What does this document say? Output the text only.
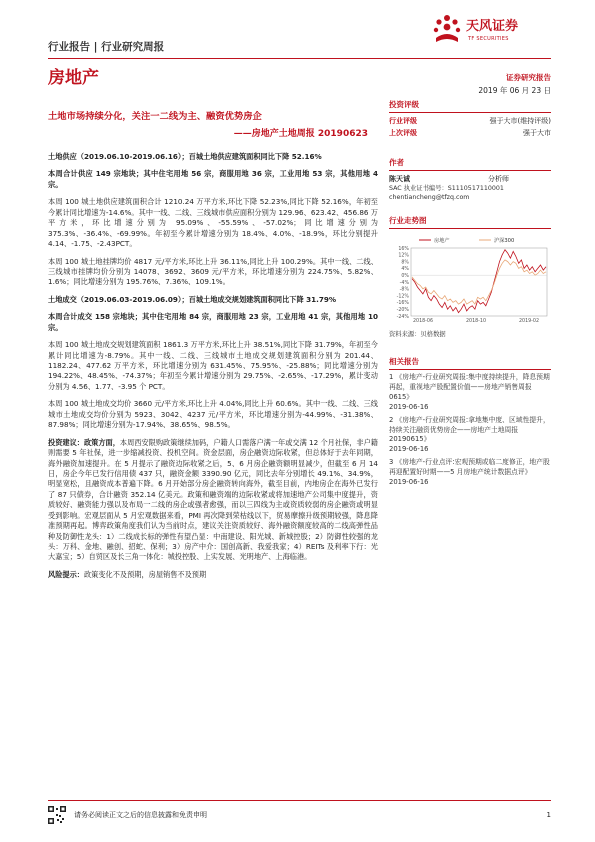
天风证券
TF SECURITIES
行业报告 | 行业研究周报
房地产	证券研究报告
2019 年 06 月 23 日
土地市场持续分化，关注一二线为主、融资优势房企
——房地产土地周报 20190623
土地供应（2019.06.10-2019.06.16）；百城土地供应建筑面积同比下降 52.16%
本周合计供应 149 宗地块；其中住宅用地 56 宗，商服用地 36 宗，工业用地 53 宗，其他用地 4 宗。
本周 100 城土地供应建筑面积合计 1210.24 万平方米,环比下降 52.23%,同比下降 52.16%，年初至今累计同比增速为-14.6%。其中一线、二线、三线城市供应面积分别为 129.96、623.42、456.86 万平方米，环比增速分别为 95.09%、-55.59%、-57.02%；同比增速分别为 375.3%、-36.4%、-69.99%。年初至今累计增速分别为 18.4%、4.0%、-18.9%，环比分别提升 4.14、-1.75、-2.43PCT。
本周 100 城土地挂牌均价 4817 元/平方米,环比上升 36.11%,同比上升 100.29%。其中一线、二线、三线城市挂牌均价分别为 14078、3692、3609 元/平方米，环比增速分别为 224.75%、5.82%、1.6%；同比增速分别为 195.76%、7.36%、109.1%。
土地成交（2019.06.03-2019.06.09）；百城土地成交规划建筑面积同比下降 31.79%
本周合计成交 158 宗地块；其中住宅用地 84 宗，商服用地 23 宗，工业用地 41 宗，其他用地 10 宗。
本周 100 城土地成交规划建筑面积 1861.3 万平方米,环比上升 38.51%,同比下降 31.79%，年初至今累计同比增速为-8.79%。其中一线、二线、三线城市土地成交规划建筑面积分别为 201.44、1182.24、477.62 万平方米，环比增速分别为 631.45%、75.95%、-25.88%；同比增速分别为 194.22%、48.45%、-74.37%；年初至今累计增速分别为 29.75%、-2.65%、-17.29%，累计变动分别为 4.56、1.77、-3.95 个 PCT。
本周 100 城土地成交均价 3660 元/平方米,环比上升 4.04%,同比上升 60.6%。其中一线、二线、三线城市土地成交均价分别为 5923、3042、4237 元/平方米，环比增速分别为-44.99%、-31.38%、87.98%；同比增速分别为-17.94%、38.65%、98.5%。
投资建议：政策方面，本周西安限购政策继续加码，户籍人口需落户满一年或交满 12 个月社保，非户籍则需要 5 年社保，进一步缩减投资、投机空间。资金层面，房企融资边际收紧，但总体好于去年同期，海外融资加速提升。在 5 月提示了融资边际收紧之后，5、6 月房企融资额明显减少，但截至 6 月 14 日，房企今年已发行信用债 437 只，融资金额 3390.90 亿元，同比去年分别增长 49.1%、34.9%，明显宽松，且融资成本普遍下降。6 月开始部分房企融资转向海外，截至目前，内地房企在海外已发行了 87 只债券，合计融资 352.14 亿美元。政策和融资端的边际收紧或将加速地产公司集中度提升，资质较好、融资能力强以及布局一二线的房企或强者愈强，而以三四线为主或资质较弱的房企融资或明显受到影响。宏观层面从 5 月宏观数据来看，PMI 再次降到荣枯线以下，贸易摩擦升级预期较强，降息降准预期再起。博弈政策角度我们认为当前时点，建议关注资质较好、海外融资额度较高的二线高弹性品种及防御性龙头：1）二线成长标的弹性有望凸显：中南建设、阳光城、新城控股；2）防御性较强的龙头：万科、金地、融创、招蛇、保利；3）房产中介：国创高新、我爱我家；4）REITs 及利率下行：光大嘉宝；5）自贸区及长三角一体化：城投控股、上实发展、光明地产、上海临港。
风险提示：政策变化不及预期，房屋销售不及预期
投资评级
行业评级	强于大市(维持评级)
上次评级	强于大市
作者
陈天诚	分析师
SAC 执业证书编号：S1110517110001
chentiancheng@tfzq.com
行业走势图
16%
12%
8%
4%
0%
-4%
-8%
-12%
-16%
-20%
-24%
2018-06	2018-10	2019-02
房地产	沪深300
资料来源：贝格数据
相关报告
1 《房地产-行业研究周报:集中度持续提升，降息预期再起，重视地产股配置价值——房地产销售周报 0615》
2019-06-16
2 《房地产-行业研究周报:拿地集中度、区域性提升，持续关注融资优势房企——房地产土地周报 20190615》
2019-06-16
3 《房地产-行业点评:宏观预期或临二度修正，地产股再迎配置好时期——5 月房地产统计数据点评》 2019-06-16
请务必阅读正文之后的信息披露和免责申明	1
